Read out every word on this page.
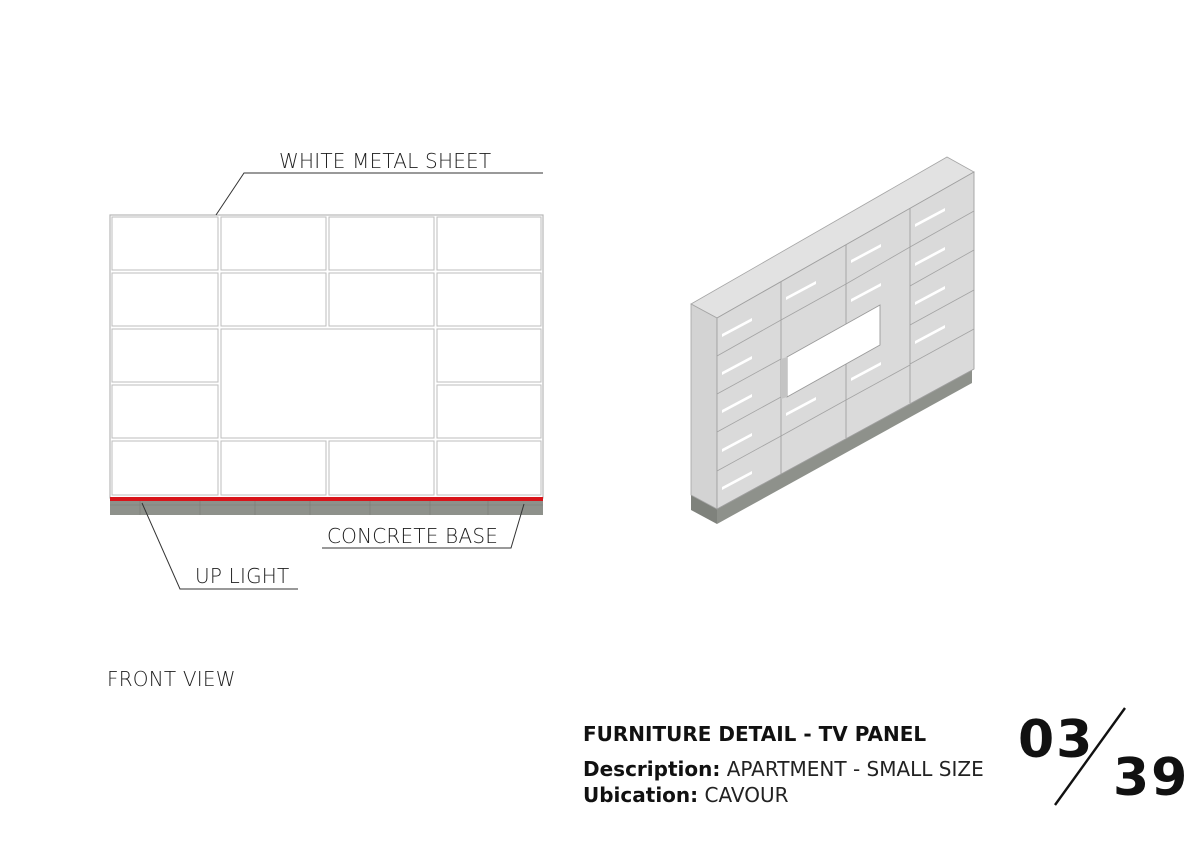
WHITE METAL SHEET
CONCRETE BASE
UP LIGHT
FRONT VIEW
FURNITURE DETAIL - TV PANEL
Description: APARTMENT - SMALL SIZE
Ubication: CAVOUR
03
39
